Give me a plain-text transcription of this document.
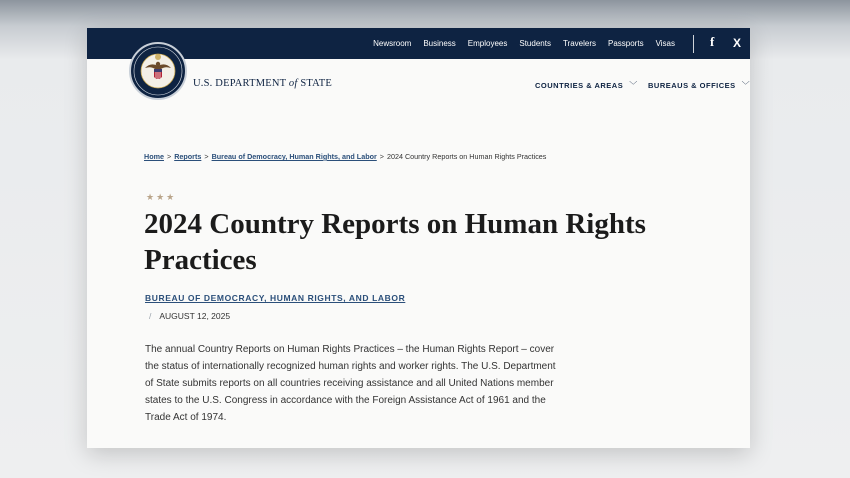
Newsroom Business Employees Students Travelers Passports Visas	f X
U.S. DEPARTMENT of STATE	COUNTRIES & AREAS ﹀ BUREAUS & OFFICES ﹀
Home > Reports > Bureau of Democracy, Human Rights, and Labor > 2024 Country Reports on Human Rights Practices
★★★
2024 Country Reports on Human Rights Practices
BUREAU OF DEMOCRACY, HUMAN RIGHTS, AND LABOR
/ AUGUST 12, 2025

The annual Country Reports on Human Rights Practices – the Human Rights Report – cover the status of internationally recognized human rights and worker rights. The U.S. Department of State submits reports on all countries receiving assistance and all United Nations member states to the U.S. Congress in accordance with the Foreign Assistance Act of 1961 and the Trade Act of 1974.
